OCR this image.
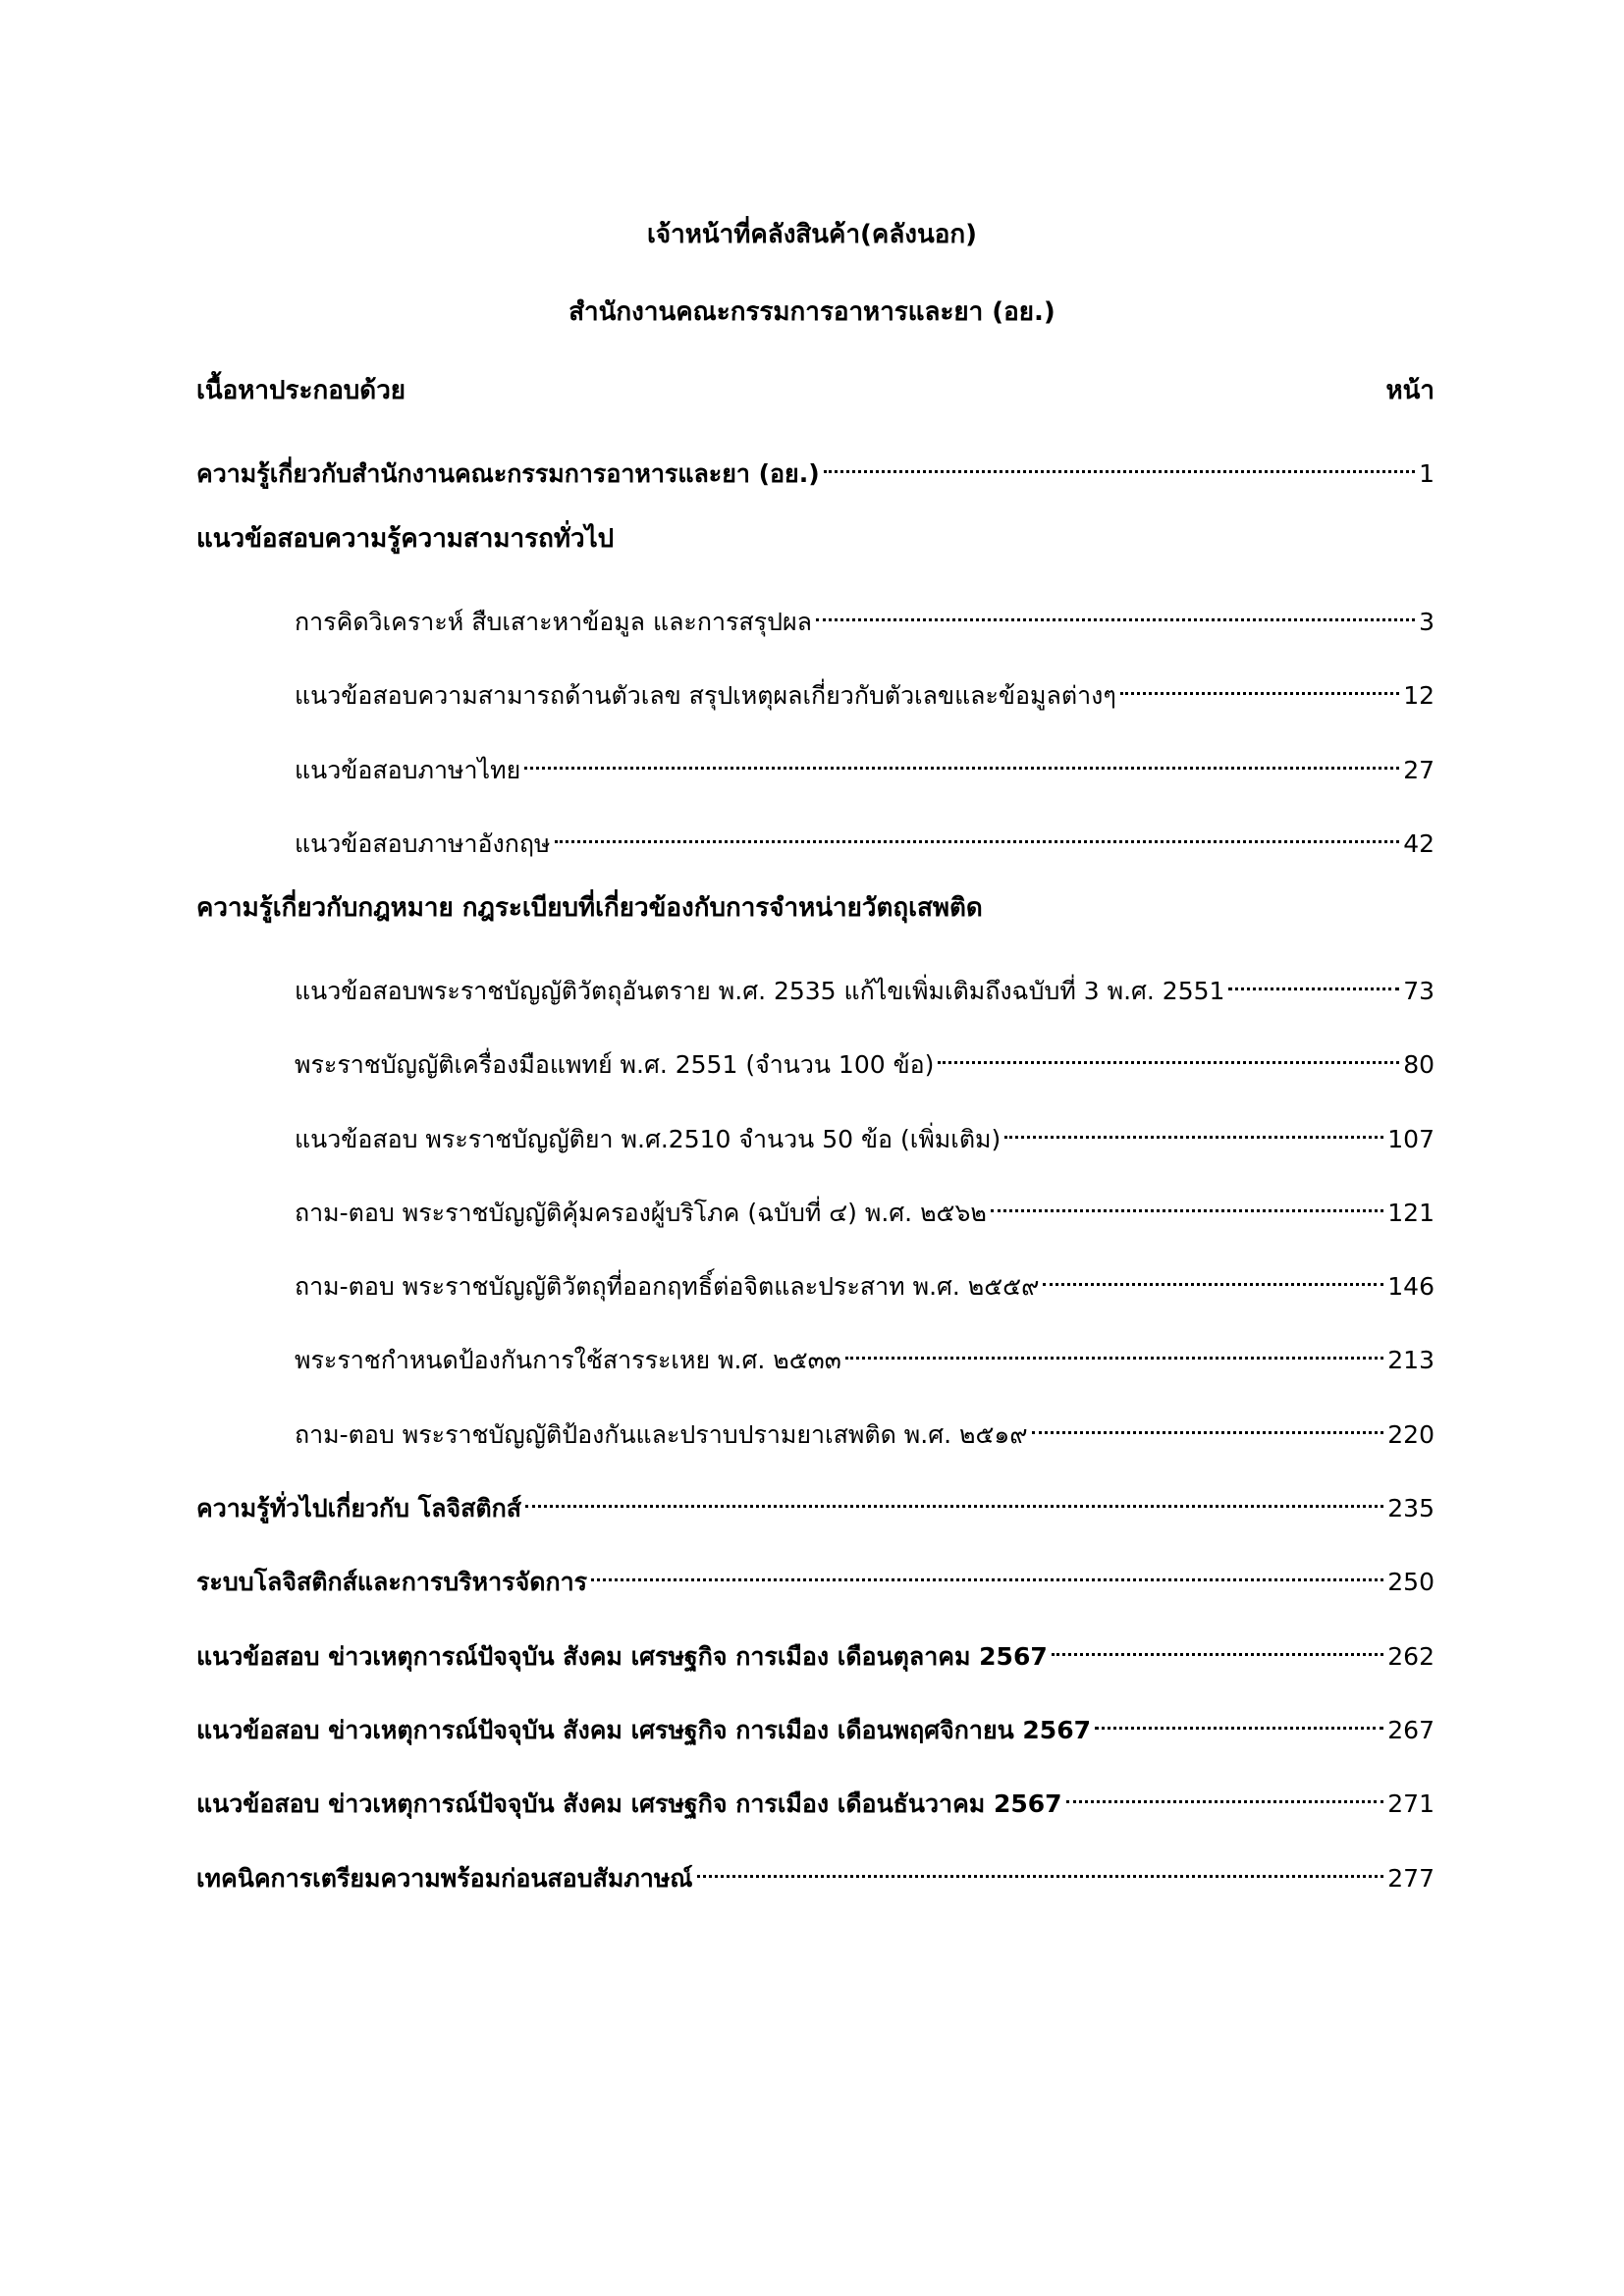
เจ้าหน้าที่คลังสินค้า(คลังนอก)
สำนักงานคณะกรรมการอาหารและยา (อย.)
เนื้อหาประกอบด้วย	หน้า
ความรู้เกี่ยวกับสำนักงานคณะกรรมการอาหารและยา (อย.)	1
แนวข้อสอบความรู้ความสามารถทั่วไป
การคิดวิเคราะห์ สืบเสาะหาข้อมูล และการสรุปผล	3
แนวข้อสอบความสามารถด้านตัวเลข สรุปเหตุผลเกี่ยวกับตัวเลขและข้อมูลต่างๆ	12
แนวข้อสอบภาษาไทย	27
แนวข้อสอบภาษาอังกฤษ	42
ความรู้เกี่ยวกับกฎหมาย กฎระเบียบที่เกี่ยวข้องกับการจำหน่ายวัตถุเสพติด
แนวข้อสอบพระราชบัญญัติวัตถุอันตราย พ.ศ. 2535 แก้ไขเพิ่มเติมถึงฉบับที่ 3 พ.ศ. 2551	73
พระราชบัญญัติเครื่องมือแพทย์ พ.ศ. 2551 (จำนวน 100 ข้อ)	80
แนวข้อสอบ พระราชบัญญัติยา พ.ศ.2510 จำนวน 50 ข้อ (เพิ่มเติม)	107
ถาม-ตอบ พระราชบัญญัติคุ้มครองผู้บริโภค (ฉบับที่ ๔) พ.ศ. ๒๕๖๒	121
ถาม-ตอบ พระราชบัญญัติวัตถุที่ออกฤทธิ์ต่อจิตและประสาท พ.ศ. ๒๕๕๙	146
พระราชกำหนดป้องกันการใช้สารระเหย พ.ศ. ๒๕๓๓	213
ถาม-ตอบ พระราชบัญญัติป้องกันและปราบปรามยาเสพติด พ.ศ. ๒๕๑๙	220
ความรู้ทั่วไปเกี่ยวกับ โลจิสติกส์	235
ระบบโลจิสติกส์และการบริหารจัดการ	250
แนวข้อสอบ ข่าวเหตุการณ์ปัจจุบัน สังคม เศรษฐกิจ การเมือง เดือนตุลาคม 2567	262
แนวข้อสอบ ข่าวเหตุการณ์ปัจจุบัน สังคม เศรษฐกิจ การเมือง เดือนพฤศจิกายน 2567	267
แนวข้อสอบ ข่าวเหตุการณ์ปัจจุบัน สังคม เศรษฐกิจ การเมือง เดือนธันวาคม 2567	271
เทคนิคการเตรียมความพร้อมก่อนสอบสัมภาษณ์	277
